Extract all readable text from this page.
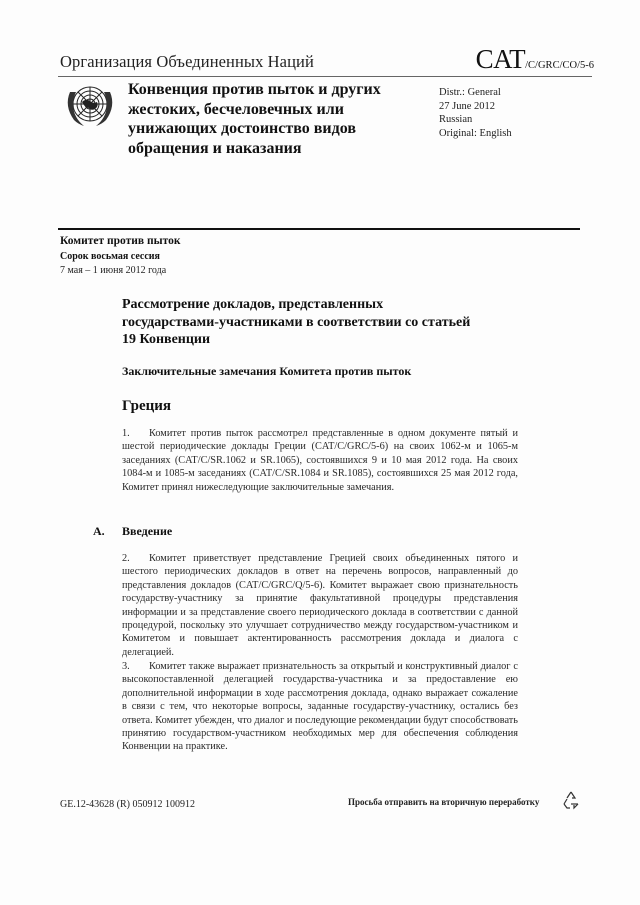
Организация Объединенных Наций	CAT/C/GRC/CO/5-6
Конвенция против пыток и других жестоких, бесчеловечных или унижающих достоинство видов обращения и наказания
Distr.: General
27 June 2012
Russian
Original: English
Комитет против пыток
Сорок восьмая сессия
7 мая – 1 июня 2012 года
Рассмотрение докладов, представленных государствами-участниками в соответствии со статьей 19 Конвенции
Заключительные замечания Комитета против пыток
Греция
1. Комитет против пыток рассмотрел представленные в одном документе пятый и шестой периодические доклады Греции (CAT/C/GRC/5-6) на своих 1062-м и 1065-м заседаниях (CAT/C/SR.1062 и SR.1065), состоявшихся 9 и 10 мая 2012 года. На своих 1084-м и 1085-м заседаниях (CAT/C/SR.1084 и SR.1085), состоявшихся 25 мая 2012 года, Комитет принял нижеследующие заключительные замечания.
A. Введение
2. Комитет приветствует представление Грецией своих объединенных пятого и шестого периодических докладов в ответ на перечень вопросов, направленный до представления докладов (CAT/C/GRC/Q/5-6). Комитет выражает свою признательность государству-участнику за принятие факультативной процедуры представления информации и за представление своего периодического доклада в соответствии с данной процедурой, поскольку это улучшает сотрудничество между государством-участником и Комитетом и повышает актентированность рассмотрения доклада и диалога с делегацией.
3. Комитет также выражает признательность за открытый и конструктивный диалог с высокопоставленной делегацией государства-участника и за предоставление ею дополнительной информации в ходе рассмотрения доклада, однако выражает сожаление в связи с тем, что некоторые вопросы, заданные государству-участнику, остались без ответа. Комитет убежден, что диалог и последующие рекомендации будут способствовать принятию государством-участником необходимых мер для обеспечения соблюдения Конвенции на практике.
GE.12-43628 (R) 050912 100912	Просьба отправить на вторичную переработку
